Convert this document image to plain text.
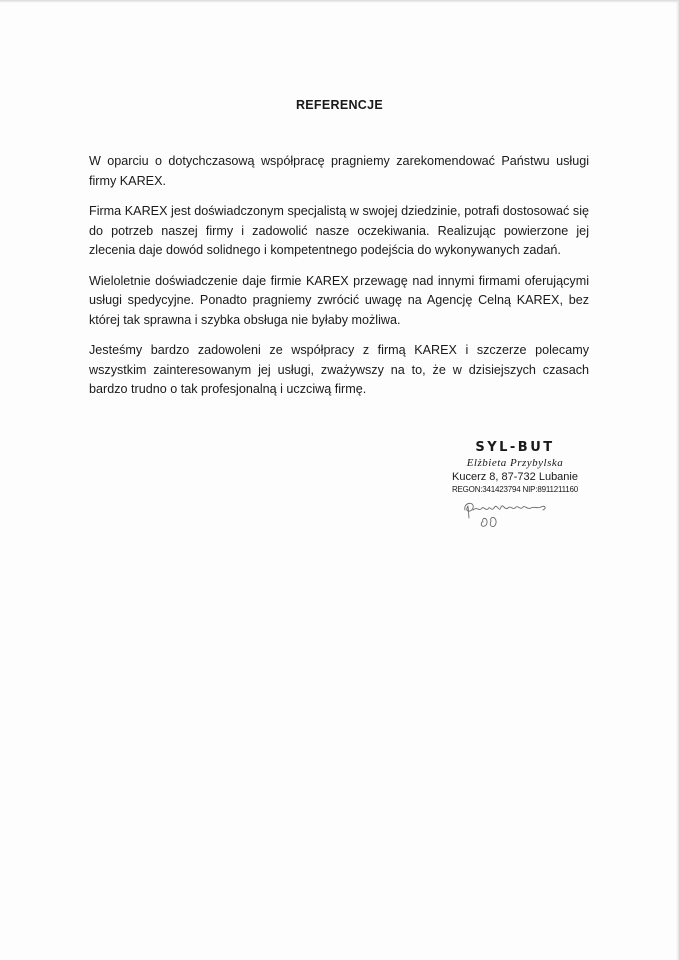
REFERENCJE

W oparciu o dotychczasową współpracę pragniemy zarekomendować Państwu usługi firmy KAREX.

Firma KAREX jest doświadczonym specjalistą w swojej dziedzinie, potrafi dostosować się do potrzeb naszej firmy i zadowolić nasze oczekiwania. Realizując powierzone jej zlecenia daje dowód solidnego i kompetentnego podejścia do wykonywanych zadań.

Wieloletnie doświadczenie daje firmie KAREX przewagę nad innymi firmami oferującymi usługi spedycyjne. Ponadto pragniemy zwrócić uwagę na Agencję Celną KAREX, bez której tak sprawna i szybka obsługa nie byłaby możliwa.

Jesteśmy bardzo zadowoleni ze współpracy z firmą KAREX i szczerze polecamy wszystkim zainteresowanym jej usługi, zważywszy na to, że w dzisiejszych czasach bardzo trudno o tak profesjonalną i uczciwą firmę.

SYL-BUT
Elżbieta Przybylska
Kucerz 8, 87-732 Lubanie
REGON:341423794 NIP:8911211160
